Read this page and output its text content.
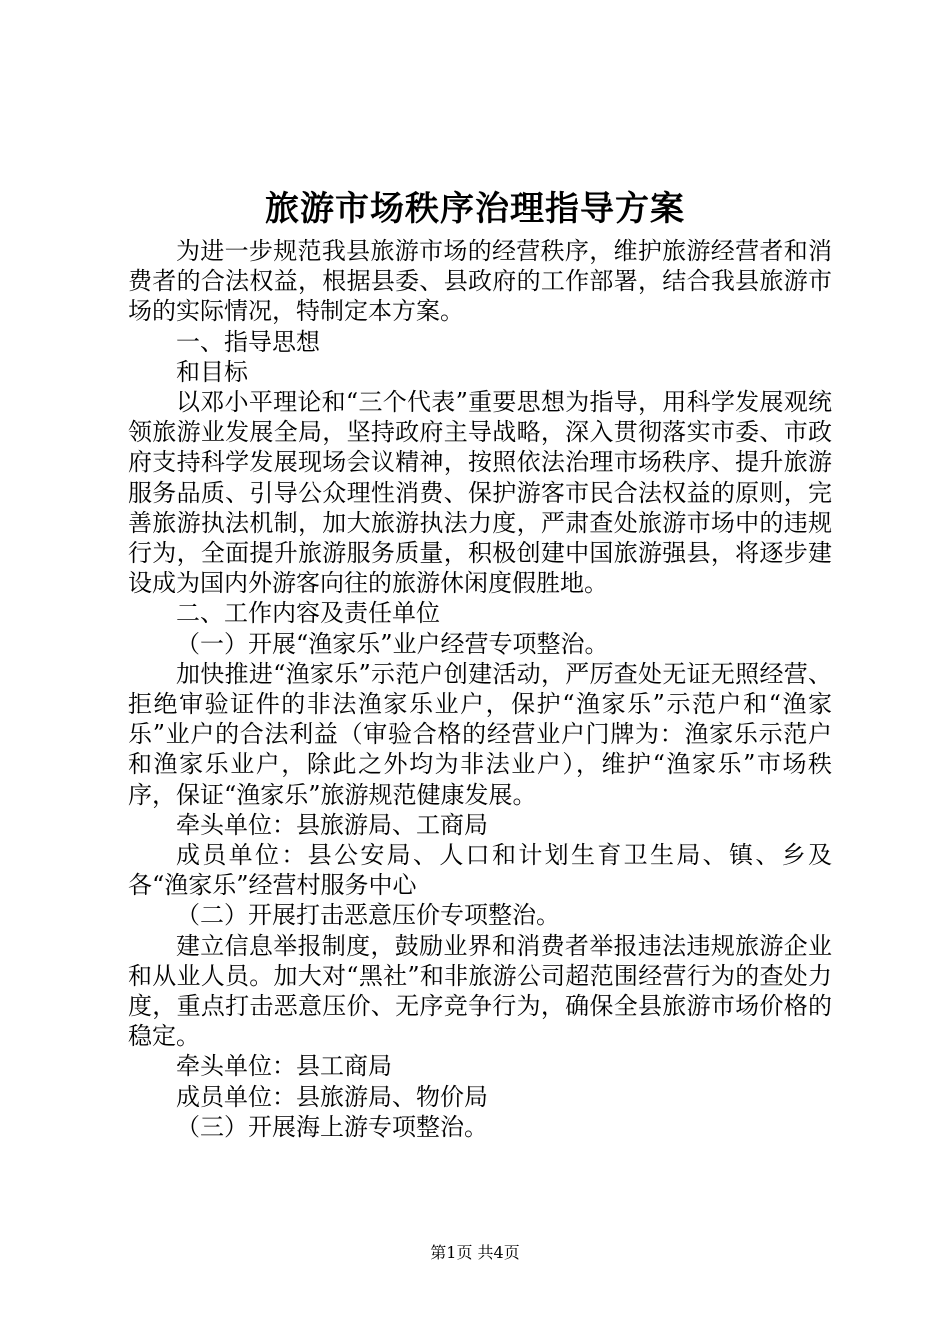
旅游市场秩序治理指导方案

为进一步规范我县旅游市场的经营秩序，维护旅游经营者和消费者的合法权益，根据县委、县政府的工作部署，结合我县旅游市场的实际情况，特制定本方案。

一、指导思想

和目标

以邓小平理论和“三个代表”重要思想为指导，用科学发展观统领旅游业发展全局，坚持政府主导战略，深入贯彻落实市委、市政府支持科学发展现场会议精神，按照依法治理市场秩序、提升旅游服务品质、引导公众理性消费、保护游客市民合法权益的原则，完善旅游执法机制，加大旅游执法力度，严肃查处旅游市场中的违规行为，全面提升旅游服务质量，积极创建中国旅游强县，将逐步建设成为国内外游客向往的旅游休闲度假胜地。

二、工作内容及责任单位

（一）开展“渔家乐”业户经营专项整治。

加快推进“渔家乐”示范户创建活动，严厉查处无证无照经营、拒绝审验证件的非法渔家乐业户，保护“渔家乐”示范户和“渔家乐”业户的合法利益（审验合格的经营业户门牌为：渔家乐示范户和渔家乐业户，除此之外均为非法业户），维护“渔家乐”市场秩序，保证“渔家乐”旅游规范健康发展。

牵头单位：县旅游局、工商局

成员单位：县公安局、人口和计划生育卫生局、镇、乡及各“渔家乐”经营村服务中心

（二）开展打击恶意压价专项整治。

建立信息举报制度，鼓励业界和消费者举报违法违规旅游企业和从业人员。加大对“黑社”和非旅游公司超范围经营行为的查处力度，重点打击恶意压价、无序竞争行为，确保全县旅游市场价格的稳定。

牵头单位：县工商局

成员单位：县旅游局、物价局

（三）开展海上游专项整治。

第1页 共4页
